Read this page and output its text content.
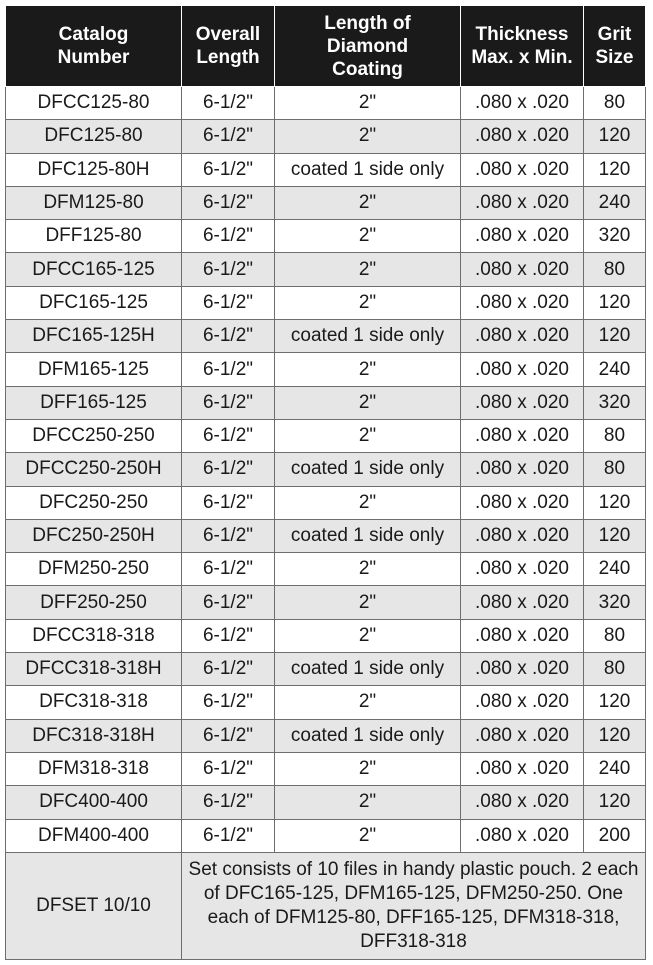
Catalog Number	Overall Length	Length of Diamond Coating	Thickness Max. x Min.	Grit Size
DFCC125-80	6-1/2"	2"	.080 x .020	80
DFC125-80	6-1/2"	2"	.080 x .020	120
DFC125-80H	6-1/2"	coated 1 side only	.080 x .020	120
DFM125-80	6-1/2"	2"	.080 x .020	240
DFF125-80	6-1/2"	2"	.080 x .020	320
DFCC165-125	6-1/2"	2"	.080 x .020	80
DFC165-125	6-1/2"	2"	.080 x .020	120
DFC165-125H	6-1/2"	coated 1 side only	.080 x .020	120
DFM165-125	6-1/2"	2"	.080 x .020	240
DFF165-125	6-1/2"	2"	.080 x .020	320
DFCC250-250	6-1/2"	2"	.080 x .020	80
DFCC250-250H	6-1/2"	coated 1 side only	.080 x .020	80
DFC250-250	6-1/2"	2"	.080 x .020	120
DFC250-250H	6-1/2"	coated 1 side only	.080 x .020	120
DFM250-250	6-1/2"	2"	.080 x .020	240
DFF250-250	6-1/2"	2"	.080 x .020	320
DFCC318-318	6-1/2"	2"	.080 x .020	80
DFCC318-318H	6-1/2"	coated 1 side only	.080 x .020	80
DFC318-318	6-1/2"	2"	.080 x .020	120
DFC318-318H	6-1/2"	coated 1 side only	.080 x .020	120
DFM318-318	6-1/2"	2"	.080 x .020	240
DFC400-400	6-1/2"	2"	.080 x .020	120
DFM400-400	6-1/2"	2"	.080 x .020	200
DFSET 10/10	Set consists of 10 files in handy plastic pouch. 2 each of DFC165-125, DFM165-125, DFM250-250. One each of DFM125-80, DFF165-125, DFM318-318, DFF318-318			
